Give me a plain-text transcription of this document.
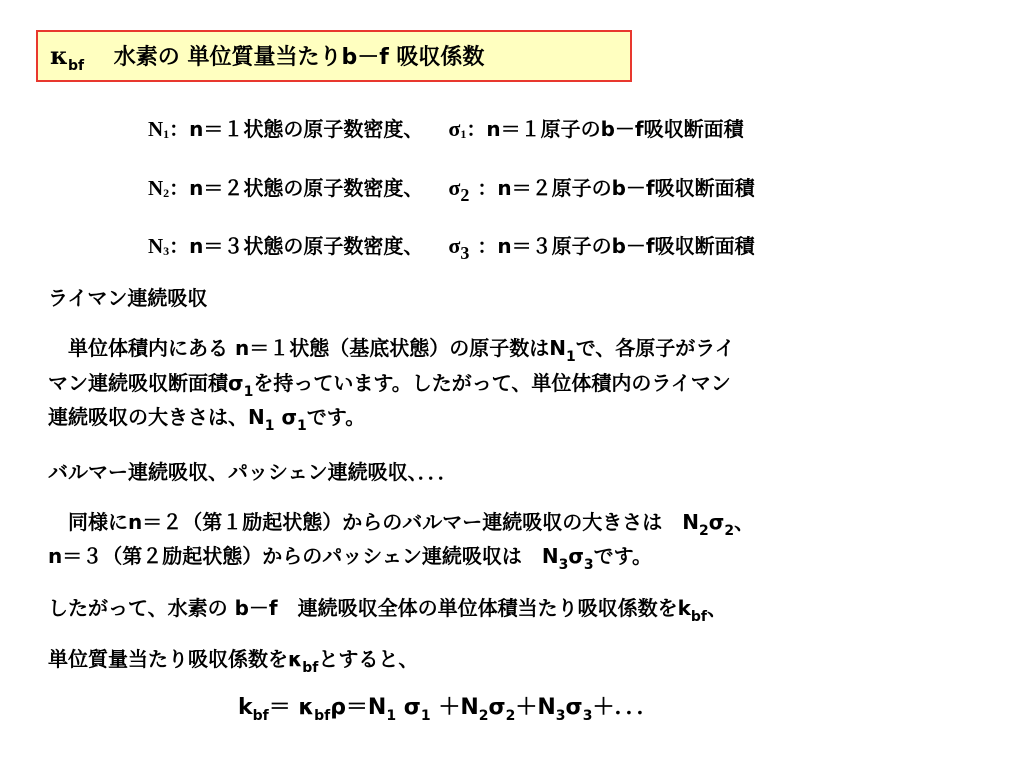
$\kappa_{bf}$ 水素の 単位質量当たりb－f 吸収係数
N1：n＝１状態の原子数密度、 σ1：n＝１原子のb－f吸収断面積
N2：n＝２状態の原子数密度、 σ2 ：n＝２原子のb－f吸収断面積
N3：n＝３状態の原子数密度、 σ3 ：n＝３原子のb－f吸収断面積
ライマン連続吸収
　単位体積内にある n＝１状態（基底状態）の原子数は$N_1$で、各原子がライ
マン連続吸収断面積$\sigma_1$を持っています。したがって、単位体積内のライマン
連続吸収の大きさは、$N_1$ $\sigma_1$です。
バルマー連続吸収、パッシェン連続吸収、．．．
　同様にn＝２（第１励起状態）からのバルマー連続吸収の大きさは　$N_2\sigma_2$、
n＝３（第２励起状態）からのパッシェン連続吸収は　$N_3\sigma_3$です。
したがって、水素の b－f　連続吸収全体の単位体積当たり吸収係数を$k_{bf}$、
単位質量当たり吸収係数を$\kappa_{bf}$とすると、
$k_{bf}= \kappa_{bf}\rho=N_1$ $\sigma_1 +N_2\sigma_2+N_3\sigma_3+$．．．
